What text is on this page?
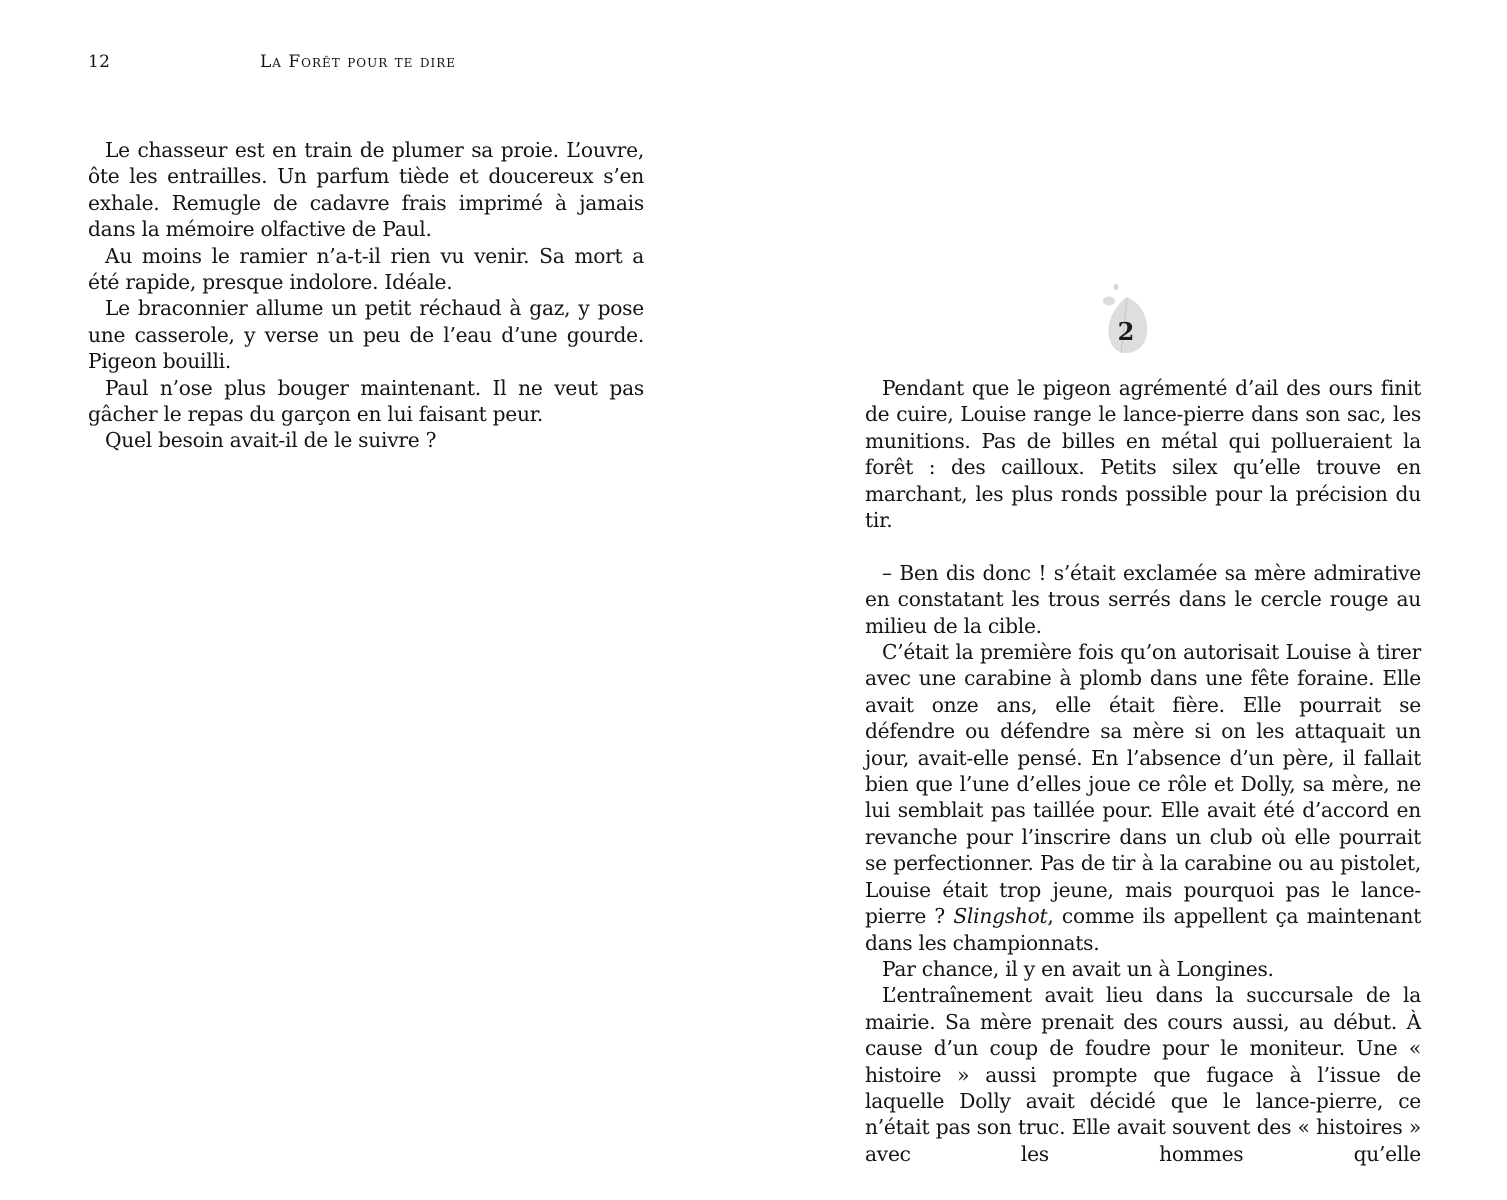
12	La Forêt pour te dire

Le chasseur est en train de plumer sa proie. L’ouvre, ôte les entrailles. Un parfum tiède et doucereux s’en exhale. Remugle de cadavre frais imprimé à jamais dans la mémoire olfactive de Paul.

Au moins le ramier n’a-t-il rien vu venir. Sa mort a été rapide, presque indolore. Idéale.

Le braconnier allume un petit réchaud à gaz, y pose une casserole, y verse un peu de l’eau d’une gourde. Pigeon bouilli.

Paul n’ose plus bouger maintenant. Il ne veut pas gâcher le repas du garçon en lui faisant peur.

Quel besoin avait-il de le suivre ?

2

Pendant que le pigeon agrémenté d’ail des ours finit de cuire, Louise range le lance-pierre dans son sac, les munitions. Pas de billes en métal qui pollueraient la forêt : des cailloux. Petits silex qu’elle trouve en marchant, les plus ronds possible pour la précision du tir.

– Ben dis donc ! s’était exclamée sa mère admirative en constatant les trous serrés dans le cercle rouge au milieu de la cible.

C’était la première fois qu’on autorisait Louise à tirer avec une carabine à plomb dans une fête foraine. Elle avait onze ans, elle était fière. Elle pourrait se défendre ou défendre sa mère si on les attaquait un jour, avait-elle pensé. En l’absence d’un père, il fallait bien que l’une d’elles joue ce rôle et Dolly, sa mère, ne lui semblait pas taillée pour. Elle avait été d’accord en revanche pour l’inscrire dans un club où elle pourrait se perfectionner. Pas de tir à la carabine ou au pistolet, Louise était trop jeune, mais pourquoi pas le lance-pierre ? Slingshot, comme ils appellent ça maintenant dans les championnats.

Par chance, il y en avait un à Longines.

L’entraînement avait lieu dans la succursale de la mairie. Sa mère prenait des cours aussi, au début. À cause d’un coup de foudre pour le moniteur. Une « histoire » aussi prompte que fugace à l’issue de laquelle Dolly avait décidé que le lance-pierre, ce n’était pas son truc. Elle avait souvent des « histoires » avec les hommes qu’elle
